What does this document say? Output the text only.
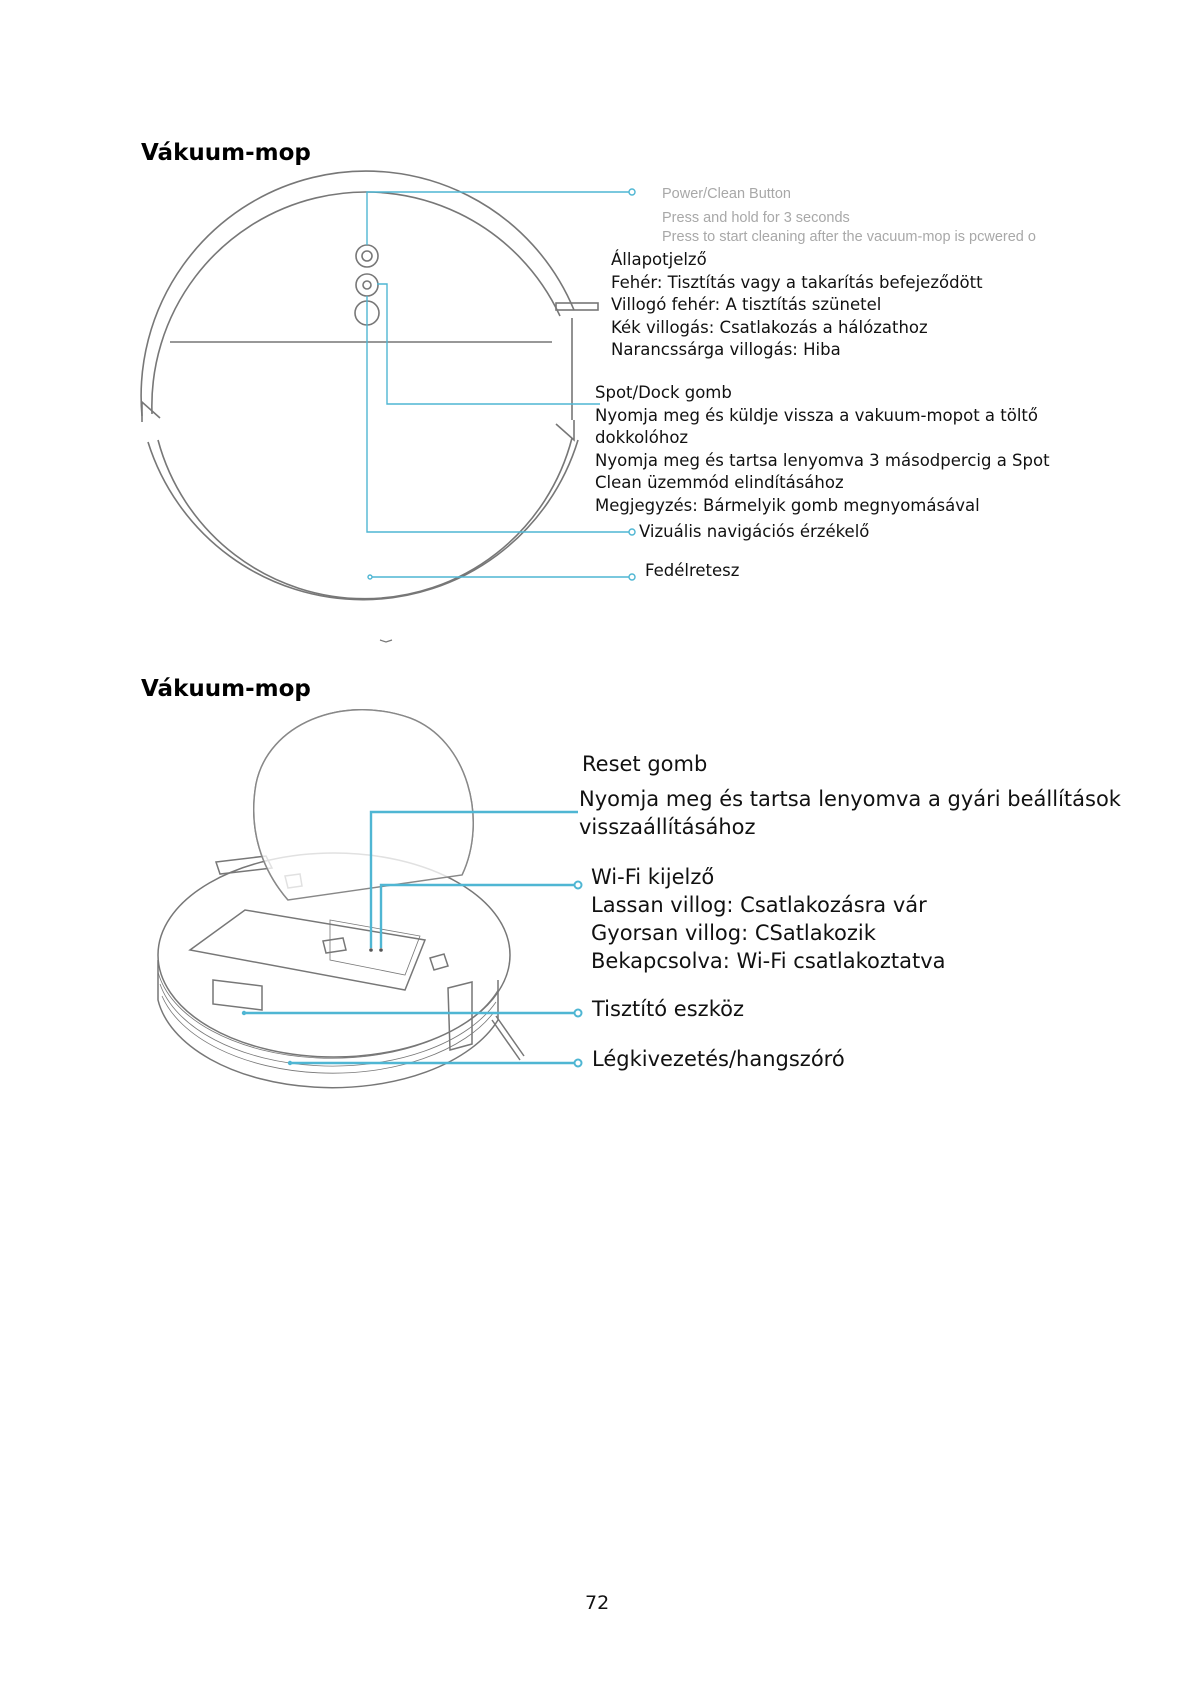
Vákuum-mop
Vákuum-mop
Power/Clean Button
Press and hold for 3 seconds
Press to start cleaning after the vacuum-mop is pcwered o
Állapotjelző
Fehér: Tisztítás vagy a takarítás befejeződött
Villogó fehér: A tisztítás szünetel
Kék villogás: Csatlakozás a hálózathoz
Narancssárga villogás: Hiba
Spot/Dock gomb
Nyomja meg és küldje vissza a vakuum-mopot a töltő
dokkolóhoz
Nyomja meg és tartsa lenyomva 3 másodpercig a Spot
Clean üzemmód elindításához
Megjegyzés: Bármelyik gomb megnyomásával
Vizuális navigációs érzékelő
Fedélretesz
Reset gomb
Nyomja meg és tartsa lenyomva a gyári beállítások
visszaállításához
Wi-Fi kijelző
Lassan villog: Csatlakozásra vár
Gyorsan villog: CSatlakozik
Bekapcsolva: Wi-Fi csatlakoztatva
Tisztító eszköz
Légkivezetés/hangszóró
72
